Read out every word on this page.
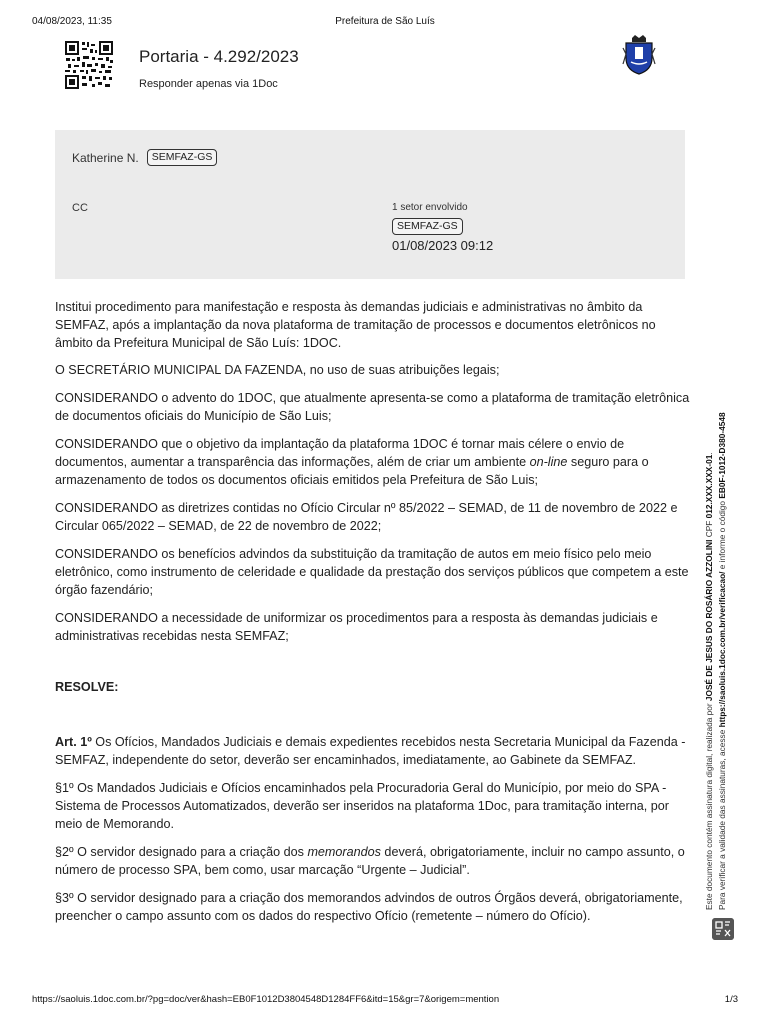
04/08/2023, 11:35	Prefeitura de São Luís
Portaria - 4.292/2023
Responder apenas via 1Doc
Katherine N.	SEMFAZ-GS
CC	1 setor envolvido
SEMFAZ-GS
01/08/2023 09:12

Institui procedimento para manifestação e resposta às demandas judiciais e administrativas no âmbito da SEMFAZ, após a implantação da nova plataforma de tramitação de processos e documentos eletrônicos no âmbito da Prefeitura Municipal de São Luís: 1DOC.

O SECRETÁRIO MUNICIPAL DA FAZENDA, no uso de suas atribuições legais;

CONSIDERANDO o advento do 1DOC, que atualmente apresenta-se como a plataforma de tramitação eletrônica de documentos oficiais do Município de São Luis;

CONSIDERANDO que o objetivo da implantação da plataforma 1DOC é tornar mais célere o envio de documentos, aumentar a transparência das informações, além de criar um ambiente on-line seguro para o armazenamento de todos os documentos oficiais emitidos pela Prefeitura de São Luis;

CONSIDERANDO as diretrizes contidas no Ofício Circular nº 85/2022 – SEMAD, de 11 de novembro de 2022 e Circular 065/2022 – SEMAD, de 22 de novembro de 2022;

CONSIDERANDO os benefícios advindos da substituição da tramitação de autos em meio físico pelo meio eletrônico, como instrumento de celeridade e qualidade da prestação dos serviços públicos que competem a este órgão fazendário;

CONSIDERANDO a necessidade de uniformizar os procedimentos para a resposta às demandas judiciais e administrativas recebidas nesta SEMFAZ;

RESOLVE:

Art. 1º Os Ofícios, Mandados Judiciais e demais expedientes recebidos nesta Secretaria Municipal da Fazenda - SEMFAZ, independente do setor, deverão ser encaminhados, imediatamente, ao Gabinete da SEMFAZ.

§1º Os Mandados Judiciais e Ofícios encaminhados pela Procuradoria Geral do Município, por meio do SPA - Sistema de Processos Automatizados, deverão ser inseridos na plataforma 1Doc, para tramitação interna, por meio de Memorando.

§2º O servidor designado para a criação dos memorandos deverá, obrigatoriamente, incluir no campo assunto, o número de processo SPA, bem como, usar marcação “Urgente – Judicial”.

§3º O servidor designado para a criação dos memorandos advindos de outros Órgãos deverá, obrigatoriamente, preencher o campo assunto com os dados do respectivo Ofício (remetente – número do Ofício).

Este documento contém assinatura digital, realizada por JOSÉ DE JESUS DO ROSÁRIO AZZOLINI CPF 012.XXX.XXX-01.
Para verificar a validade das assinaturas, acesse https://saoluis.1doc.com.br/verificacao/ e informe o código EB0F-1012-D380-4548
https://saoluis.1doc.com.br/?pg=doc/ver&hash=EB0F1012D3804548D1284FF6&itd=15&gr=7&origem=mention	1/3
